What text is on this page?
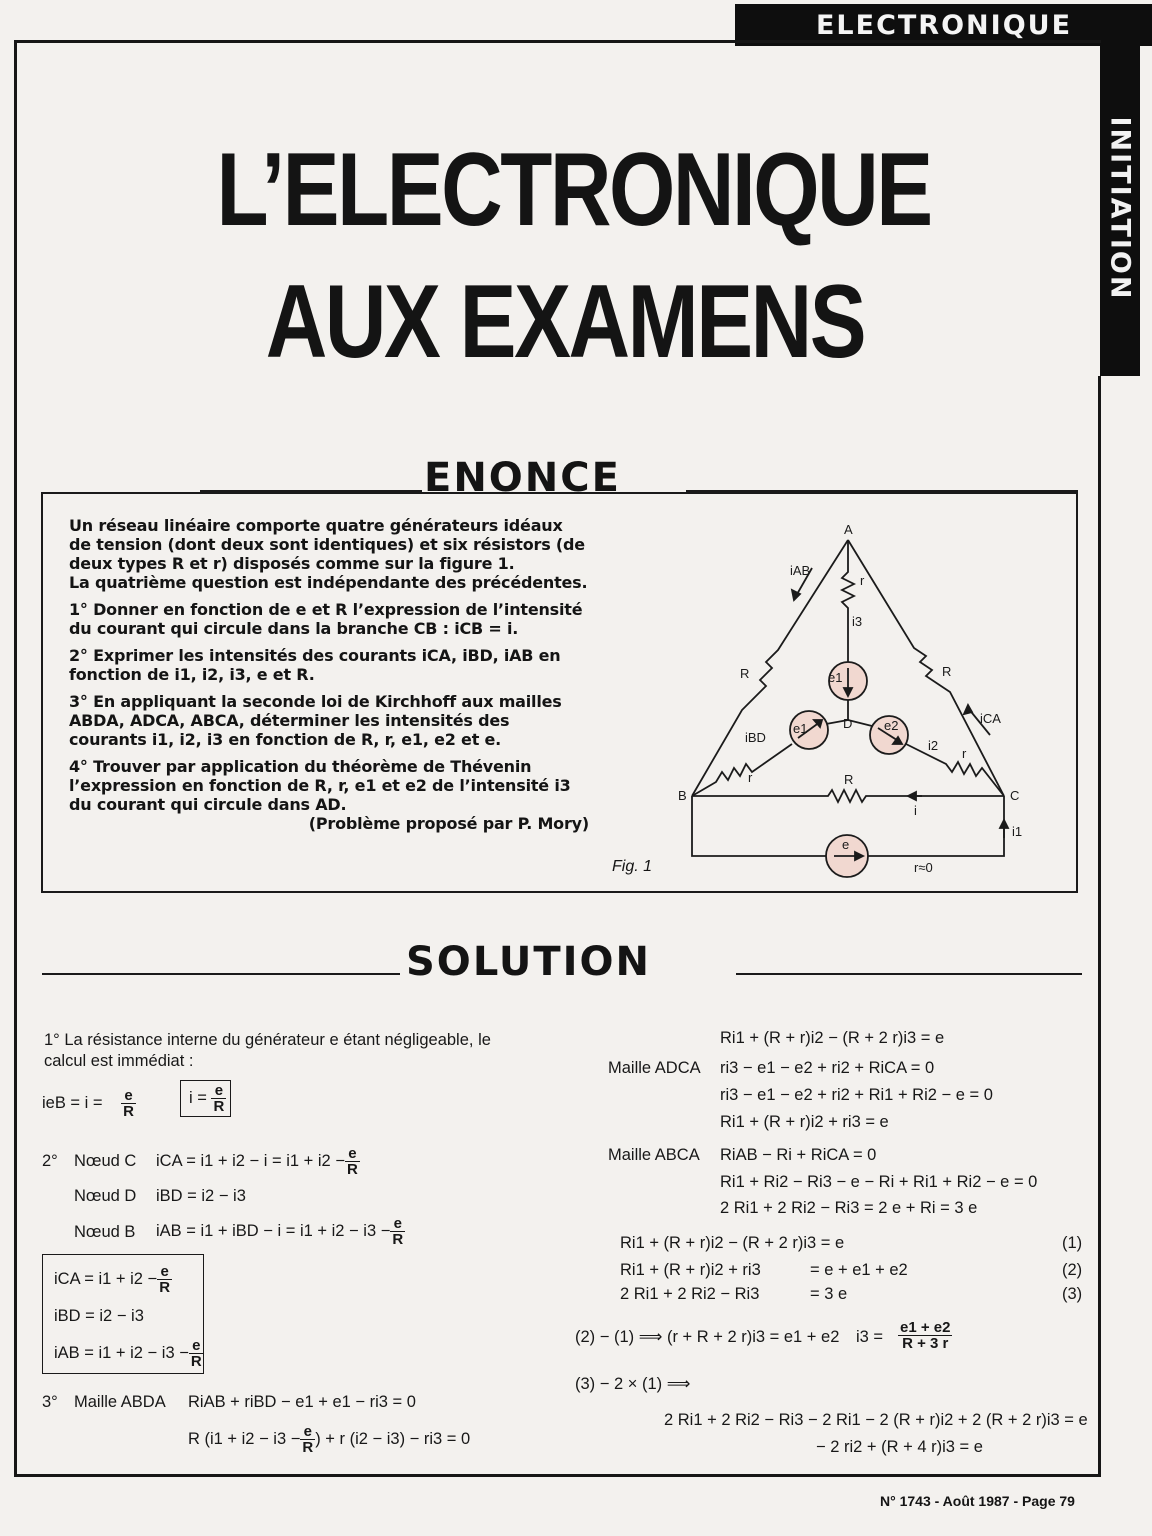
ELECTRONIQUE
INITIATION
L’ELECTRONIQUE
AUX EXAMENS
ENONCE

Un réseau linéaire comporte quatre générateurs idéaux de tension (dont deux sont identiques) et six résistors (de deux types R et r) disposés comme sur la figure 1.

La quatrième question est indépendante des précédentes.

1° Donner en fonction de e et R l’expression de l’intensité du courant qui circule dans la branche CB : iCB = i.

2° Exprimer les intensités des courants iCA, iBD, iAB en fonction de i1, i2, i3, e et R.

3° En appliquant la seconde loi de Kirchhoff aux mailles ABDA, ADCA, ABCA, déterminer les intensités des courants i1, i2, i3 en fonction de R, r, e1, e2 et e.

4° Trouver par application du théorème de Thévenin l’expression en fonction de R, r, e1 et e2 de l’intensité i3 du courant qui circule dans AD.

(Problème proposé par P. Mory)

Fig. 1
A
B	C
D
r
i3
iAB
R	R
iCA
iBD
r
i2
r
R
i
i1
e1
e1	e2
e
r≈0
SOLUTION
1° La résistance interne du générateur e étant négligeable, le
calcul est immédiat :
ieB = $i = \frac{e}{R}$	$i = \frac{e}{R}$
2° Nœud C iCA = $i1 + i2 - i = i1 + i2 - \frac{e}{R}$
Nœud D iBD = i2 − i3
Nœud B iAB = i1 + iBD − $i = i1 + i2 - i3 - \frac{e}{R}$
iCA = $i1 + i2 - \frac{e}{R}$
iBD = i2 − i3
iAB = $i1 + i2 - i3 - \frac{e}{R}$
3° Maille ABDA RiAB + riBD − e1 + e1 − ri3 = 0
R ($i1 + i2 - i3 - \frac{e}{R}$ ) + r (i2 − i3) − ri3 = 0
Ri1 + (R + r)i2 − (R + 2 r)i3 = e
Maille ADCA ri3 − e1 − e2 + ri2 + RiCA = 0
ri3 − e1 − e2 + ri2 + Ri1 + Ri2 − e = 0
Ri1 + (R + r)i2 + ri3 = e
Maille ABCA RiAB − Ri + RiCA = 0
Ri1 + Ri2 − Ri3 − e − Ri + Ri1 + Ri2 − e = 0
2 Ri1 + 2 Ri2 − Ri3 = 2 e + Ri = 3 e
Ri1 + (R + r)i2 − (R + 2 r)i3 = e	(1)
Ri1 + (R + r)i2 + ri3	= e + e1 + e2	(2)
2 Ri1 + 2 Ri2 − Ri3	= 3 e	(3)
(2) − (1) ⟹ (r + R + 2 r)i3 = e1 + e2 $i3 = \frac{e1 + e2}{R + 3 r}$
(3) − 2 × (1) ⟹
2 Ri1 + 2 Ri2 − Ri3 − 2 Ri1 − 2 (R + r)i2 + 2 (R + 2 r)i3 = e
− 2 ri2 + (R + 4 r)i3 = e
N° 1743 - Août 1987 - Page 79
